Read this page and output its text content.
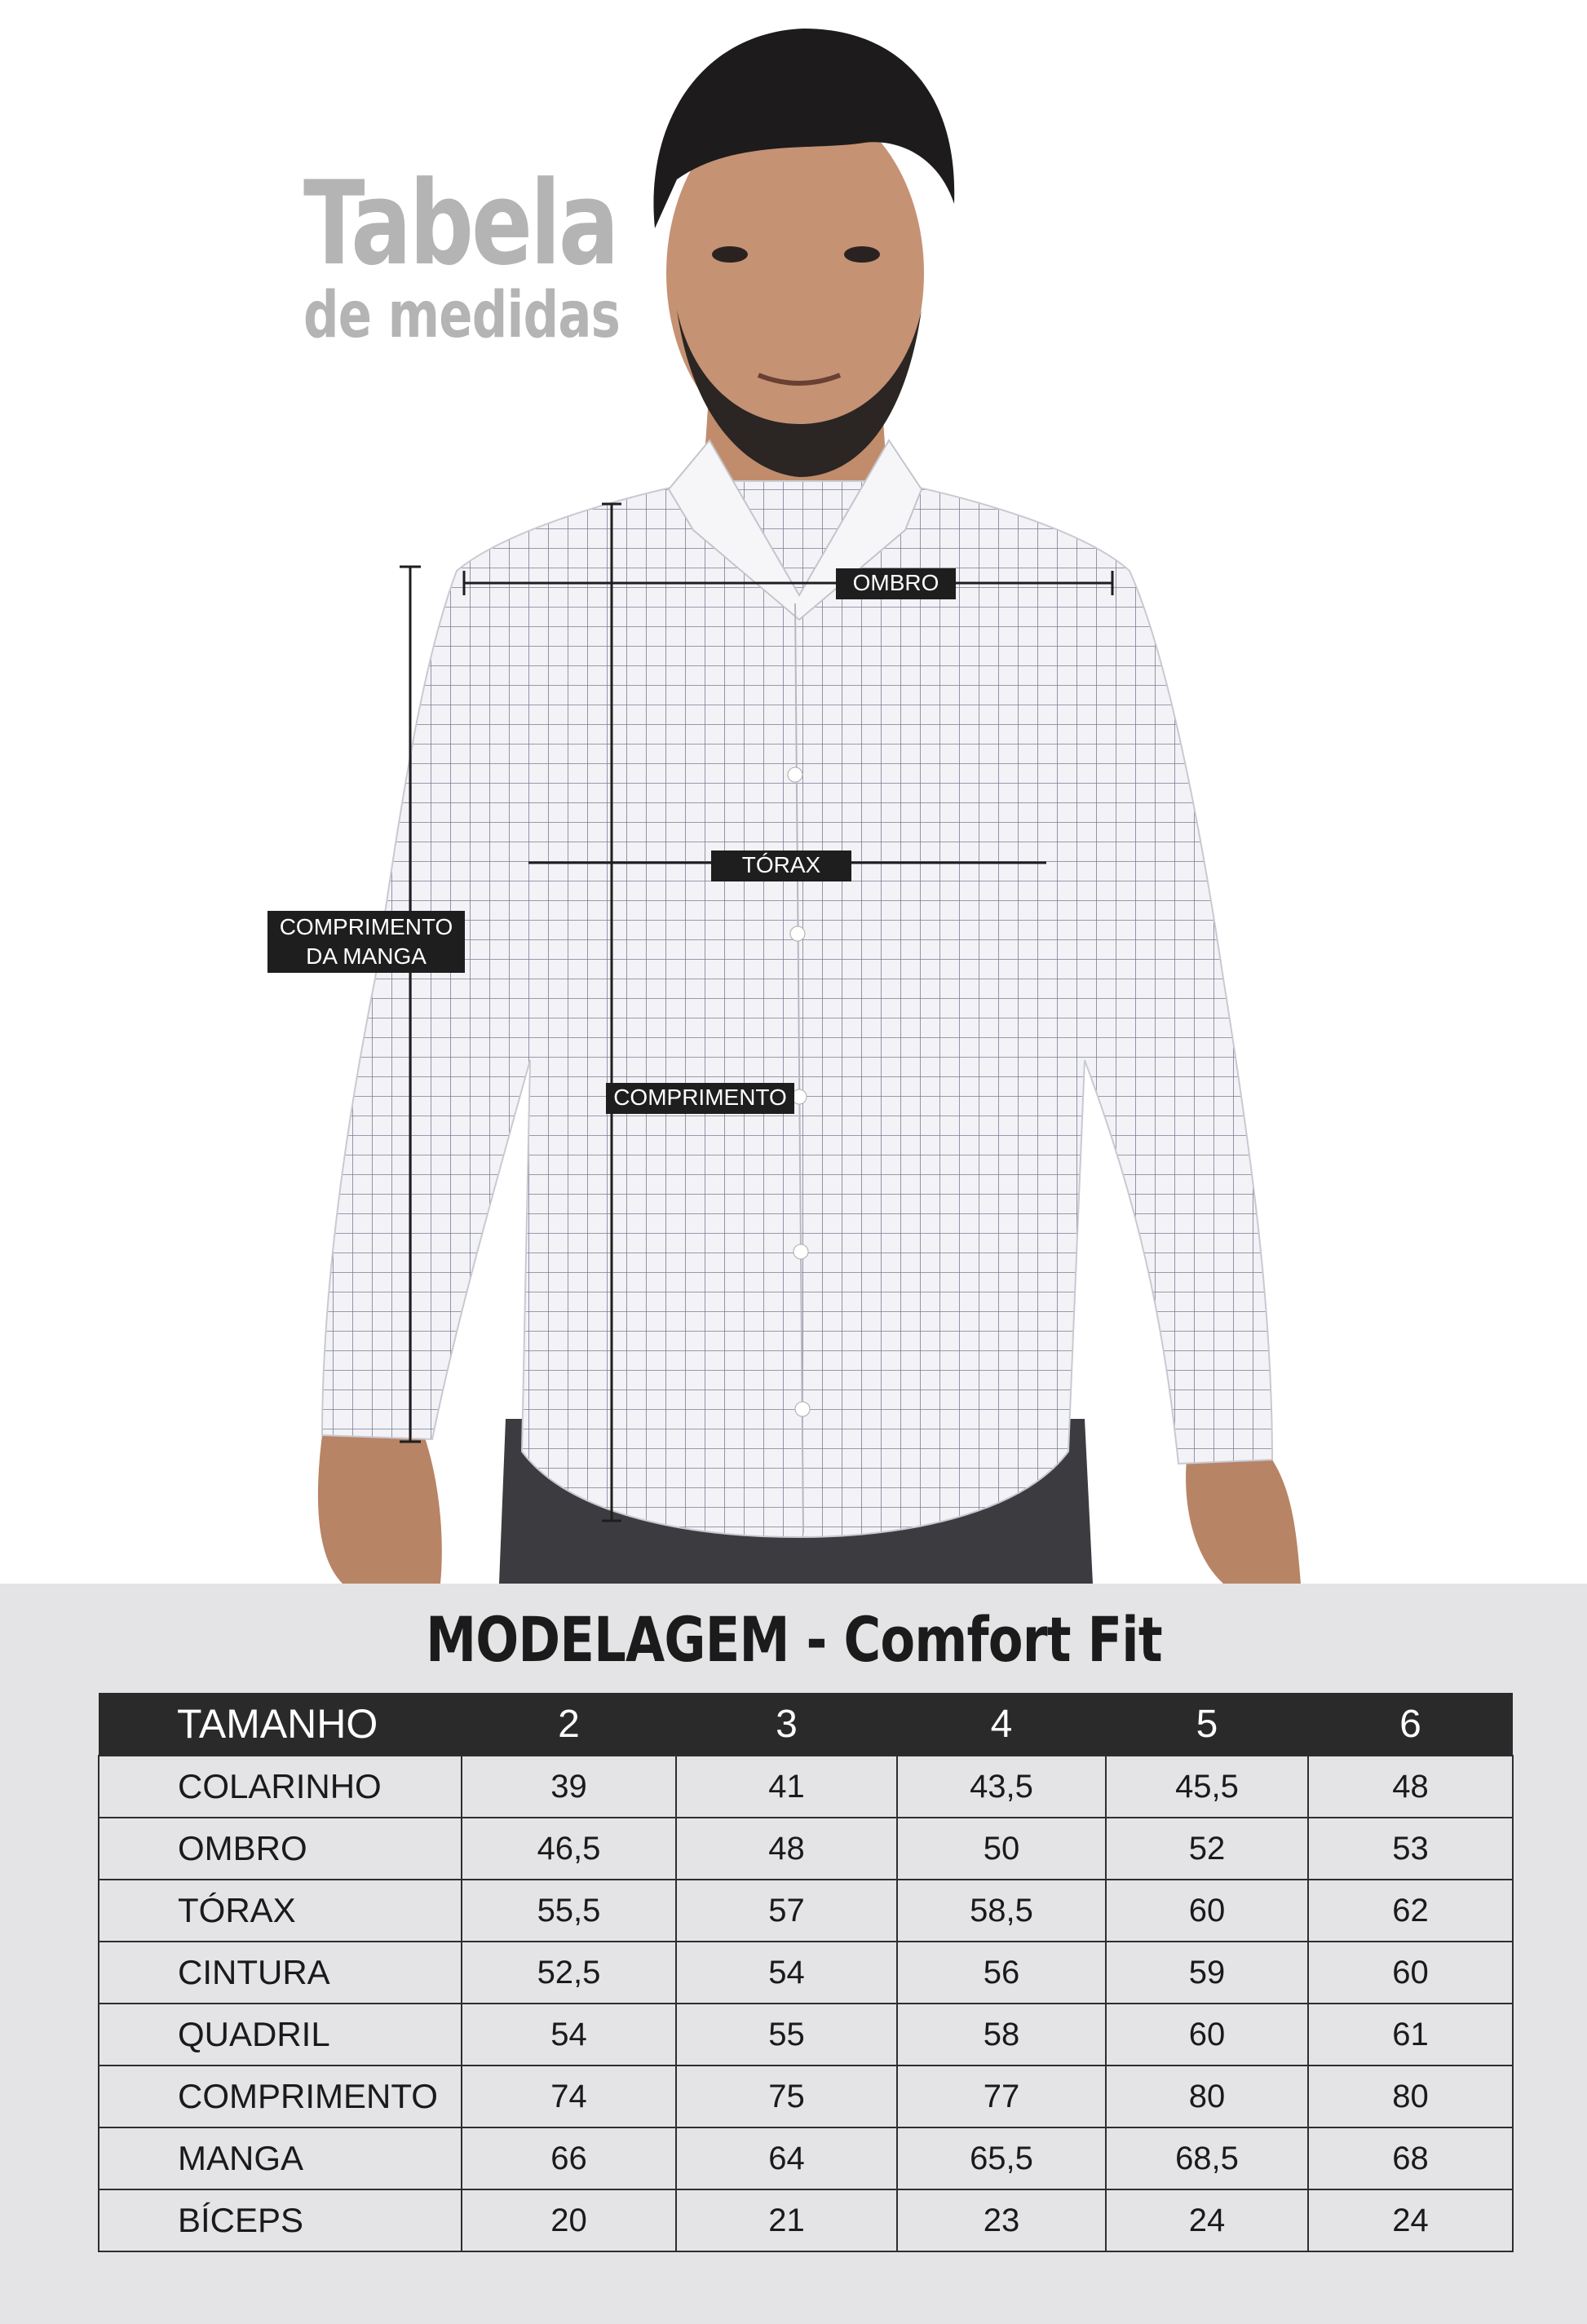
Tabela
de medidas
OMBRO
TÓRAX
COMPRIMENTO
COMPRIMENTO
DA MANGA
MODELAGEM - Comfort Fit
TAMANHO	2	3	4	5	6
COLARINHO	39	41	43,5	45,5	48
OMBRO	46,5	48	50	52	53
TÓRAX	55,5	57	58,5	60	62
CINTURA	52,5	54	56	59	60
QUADRIL	54	55	58	60	61
COMPRIMENTO	74	75	77	80	80
MANGA	66	64	65,5	68,5	68
BÍCEPS	20	21	23	24	24
